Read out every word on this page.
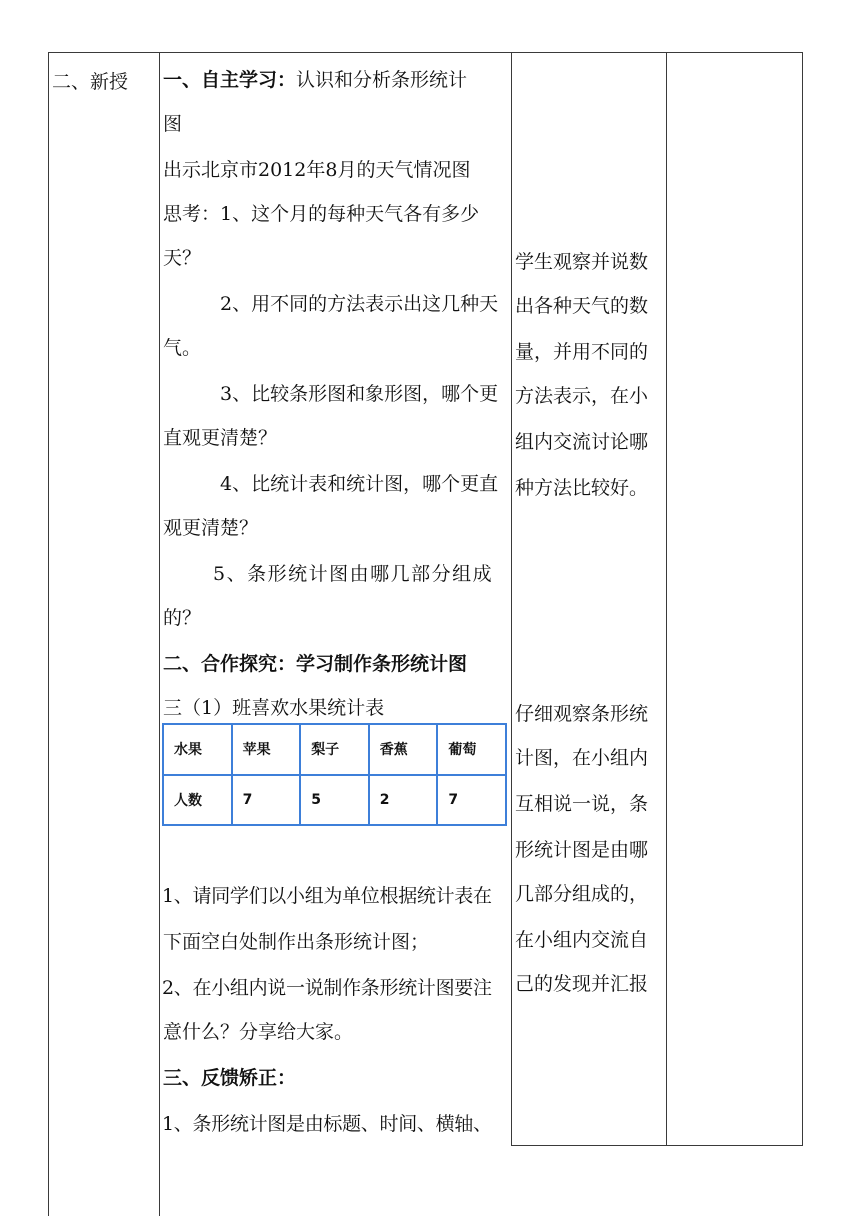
二、新授 一、自主学习：认识和分析条形统计
图
出示北京市2012年8月的天气情况图
思考：1、这个月的每种天气各有多少
天？
2、用不同的方法表示出这几种天
气。
3、比较条形图和象形图，哪个更
直观更清楚？
4、比统计表和统计图，哪个更直
观更清楚？
5、条形统计图由哪几部分组成
的？
二、合作探究：学习制作条形统计图
三（1）班喜欢水果统计表
1、请同学们以小组为单位根据统计表在
下面空白处制作出条形统计图；
2、在小组内说一说制作条形统计图要注
意什么？分享给大家。
三、反馈矫正：
1、条形统计图是由标题、时间、横轴、
水果	苹果	梨子	香蕉	葡萄
人数	7	5	2	7
学生观察并说数
出各种天气的数
量，并用不同的
方法表示，在小
组内交流讨论哪
种方法比较好。
仔细观察条形统
计图，在小组内
互相说一说，条
形统计图是由哪
几部分组成的，
在小组内交流自
己的发现并汇报
